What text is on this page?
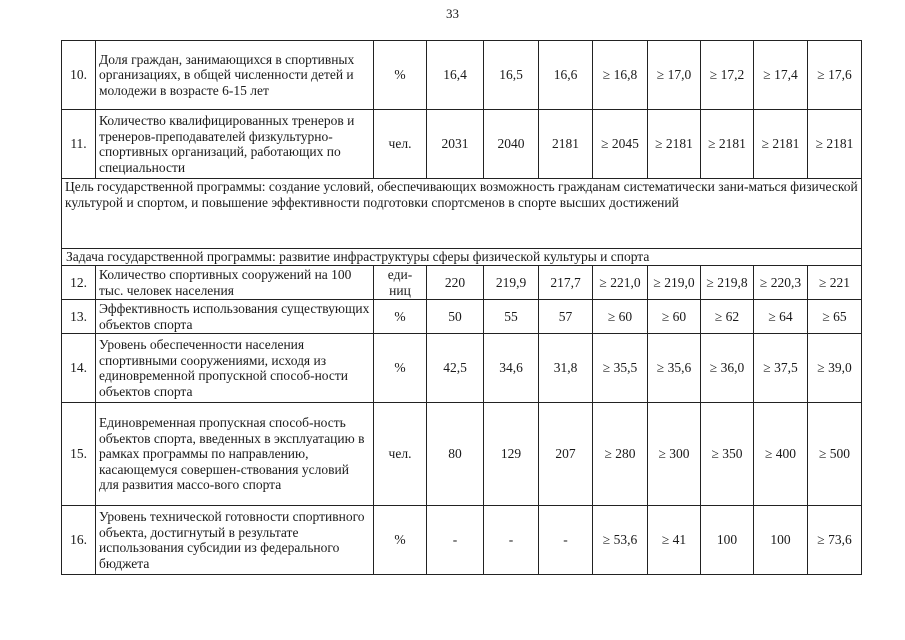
33
10.	Доля граждан, занимающихся в спортивных организациях, в общей численности детей и молодежи в возрасте 6-15 лет	%	16,4	16,5	16,6	≥ 16,8	≥ 17,0	≥ 17,2	≥ 17,4	≥ 17,6
11.	Количество квалифицированных тренеров и тренеров-преподавателей физкультурно-спортивных организаций, работающих по специальности	чел.	2031	2040	2181	≥ 2045	≥ 2181	≥ 2181	≥ 2181	≥ 2181
Цель государственной программы: создание условий, обеспечивающих возможность гражданам систематически зани-маться физической культурой и спортом, и повышение эффективности подготовки спортсменов в спорте высших достижений										
Задача государственной программы: развитие инфраструктуры сферы физической культуры и спорта										
12.	Количество спортивных сооружений на 100 тыс. человек населения	еди-ниц	220	219,9	217,7	≥ 221,0	≥ 219,0	≥ 219,8	≥ 220,3	≥ 221
13.	Эффективность использования существующих объектов спорта	%	50	55	57	≥ 60	≥ 60	≥ 62	≥ 64	≥ 65
14.	Уровень обеспеченности населения спортивными сооружениями, исходя из единовременной пропускной способ-ности объектов спорта	%	42,5	34,6	31,8	≥ 35,5	≥ 35,6	≥ 36,0	≥ 37,5	≥ 39,0
15.	Единовременная пропускная способ-ность объектов спорта, введенных в эксплуатацию в рамках программы по направлению, касающемуся совершен-ствования условий для развития массо-вого спорта	чел.	80	129	207	≥ 280	≥ 300	≥ 350	≥ 400	≥ 500
16.	Уровень технической готовности спортивного объекта, достигнутый в результате использования субсидии из федерального бюджета	%	-	-	-	≥ 53,6	≥ 41	100	100	≥ 73,6
